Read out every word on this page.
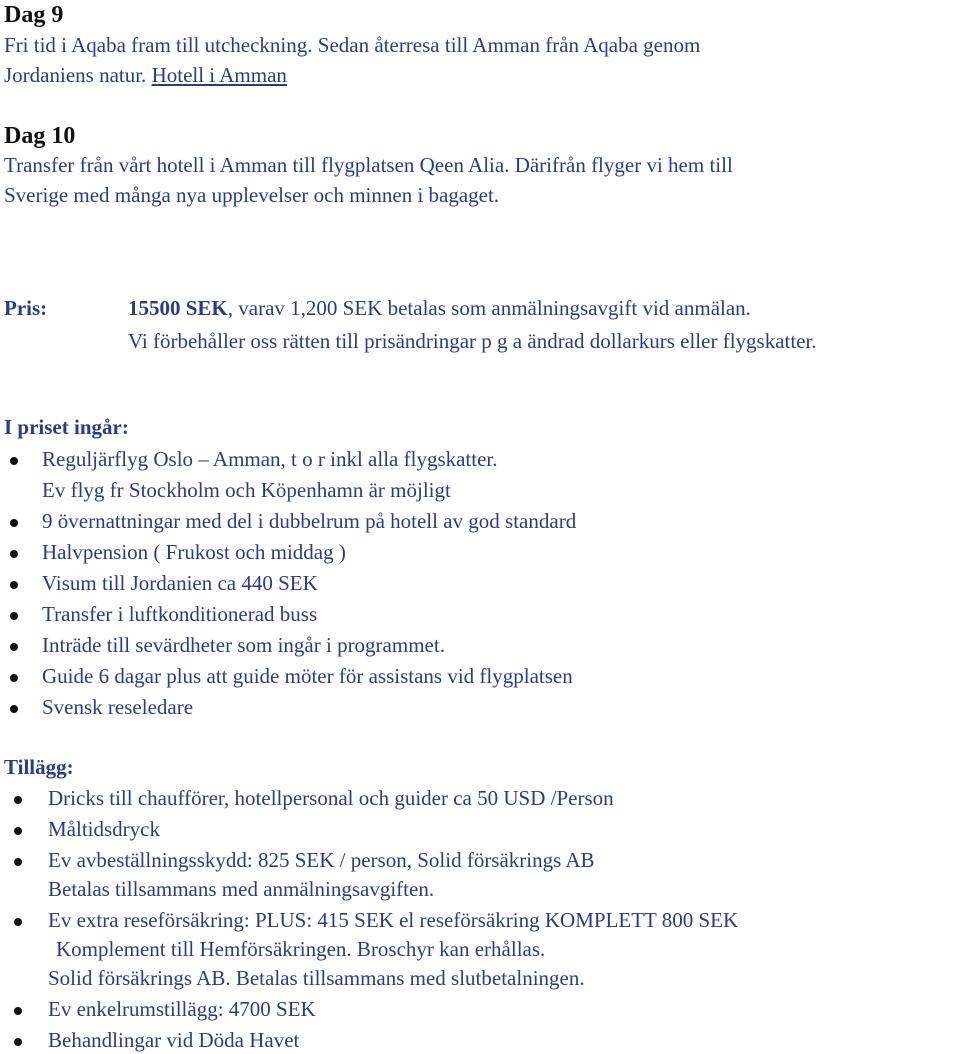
Dag 9
Fri tid i Aqaba fram till utcheckning. Sedan återresa till Amman från Aqaba genom
Jordaniens natur. Hotell i Amman
Dag 10
Transfer från vårt hotell i Amman till flygplatsen Qeen Alia. Därifrån flyger vi hem till
Sverige med många nya upplevelser och minnen i bagaget.
Pris:	15500 SEK, varav 1,200 SEK betalas som anmälningsavgift vid anmälan.
Vi förbehåller oss rätten till prisändringar p g a ändrad dollarkurs eller flygskatter.
I priset ingår:
Reguljärflyg Oslo – Amman, t o r inkl alla flygskatter.
Ev flyg fr Stockholm och Köpenhamn är möjligt
9 övernattningar med del i dubbelrum på hotell av god standard
Halvpension ( Frukost och middag )
Visum till Jordanien ca 440 SEK
Transfer i luftkonditionerad buss
Inträde till sevärdheter som ingår i programmet.
Guide 6 dagar plus att guide möter för assistans vid flygplatsen
Svensk reseledare
Tillägg:
Dricks till chaufförer, hotellpersonal och guider ca 50 USD /Person
Måltidsdryck
Ev avbeställningsskydd: 825 SEK / person, Solid försäkrings AB
Betalas tillsammans med anmälningsavgiften.
Ev extra reseförsäkring: PLUS: 415 SEK el reseförsäkring KOMPLETT 800 SEK
Komplement till Hemförsäkringen. Broschyr kan erhållas.
Solid försäkrings AB. Betalas tillsammans med slutbetalningen.
Ev enkelrumstillägg: 4700 SEK
Behandlingar vid Döda Havet
